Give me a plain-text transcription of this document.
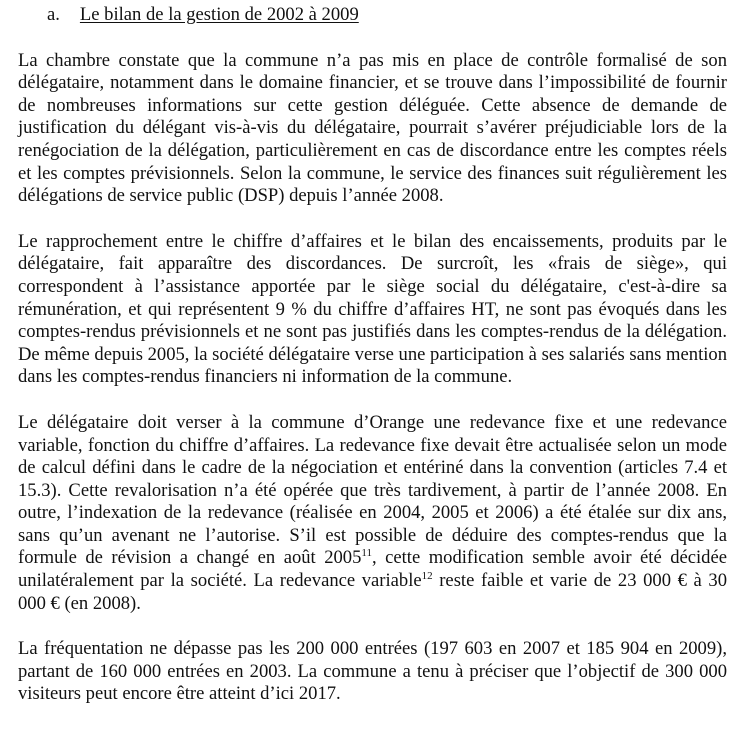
a. Le bilan de la gestion de 2002 à 2009

La chambre constate que la commune n’a pas mis en place de contrôle formalisé de son délégataire, notamment dans le domaine financier, et se trouve dans l’impossibilité de fournir de nombreuses informations sur cette gestion déléguée. Cette absence de demande de justification du délégant vis-à-vis du délégataire, pourrait s’avérer préjudiciable lors de la renégociation de la délégation, particulièrement en cas de discordance entre les comptes réels et les comptes prévisionnels. Selon la commune, le service des finances suit régulièrement les délégations de service public (DSP) depuis l’année 2008.

Le rapprochement entre le chiffre d’affaires et le bilan des encaissements, produits par le délégataire, fait apparaître des discordances. De surcroît, les «frais de siège», qui correspondent à l’assistance apportée par le siège social du délégataire, c'est-à-dire sa rémunération, et qui représentent 9 % du chiffre d’affaires HT, ne sont pas évoqués dans les comptes-rendus prévisionnels et ne sont pas justifiés dans les comptes-rendus de la délégation. De même depuis 2005, la société délégataire verse une participation à ses salariés sans mention dans les comptes-rendus financiers ni information de la commune.

Le délégataire doit verser à la commune d’Orange une redevance fixe et une redevance variable, fonction du chiffre d’affaires. La redevance fixe devait être actualisée selon un mode de calcul défini dans le cadre de la négociation et entériné dans la convention (articles 7.4 et 15.3). Cette revalorisation n’a été opérée que très tardivement, à partir de l’année 2008. En outre, l’indexation de la redevance (réalisée en 2004, 2005 et 2006) a été étalée sur dix ans, sans qu’un avenant ne l’autorise. S’il est possible de déduire des comptes-rendus que la formule de révision a changé en août 2005$^{11}$, cette modification semble avoir été décidée unilatéralement par la société. La redevance variable$^{12}$ reste faible et varie de 23 000 € à 30 000 € (en 2008).

La fréquentation ne dépasse pas les 200 000 entrées (197 603 en 2007 et 185 904 en 2009), partant de 160 000 entrées en 2003. La commune a tenu à préciser que l’objectif de 300 000 visiteurs peut encore être atteint d’ici 2017.
